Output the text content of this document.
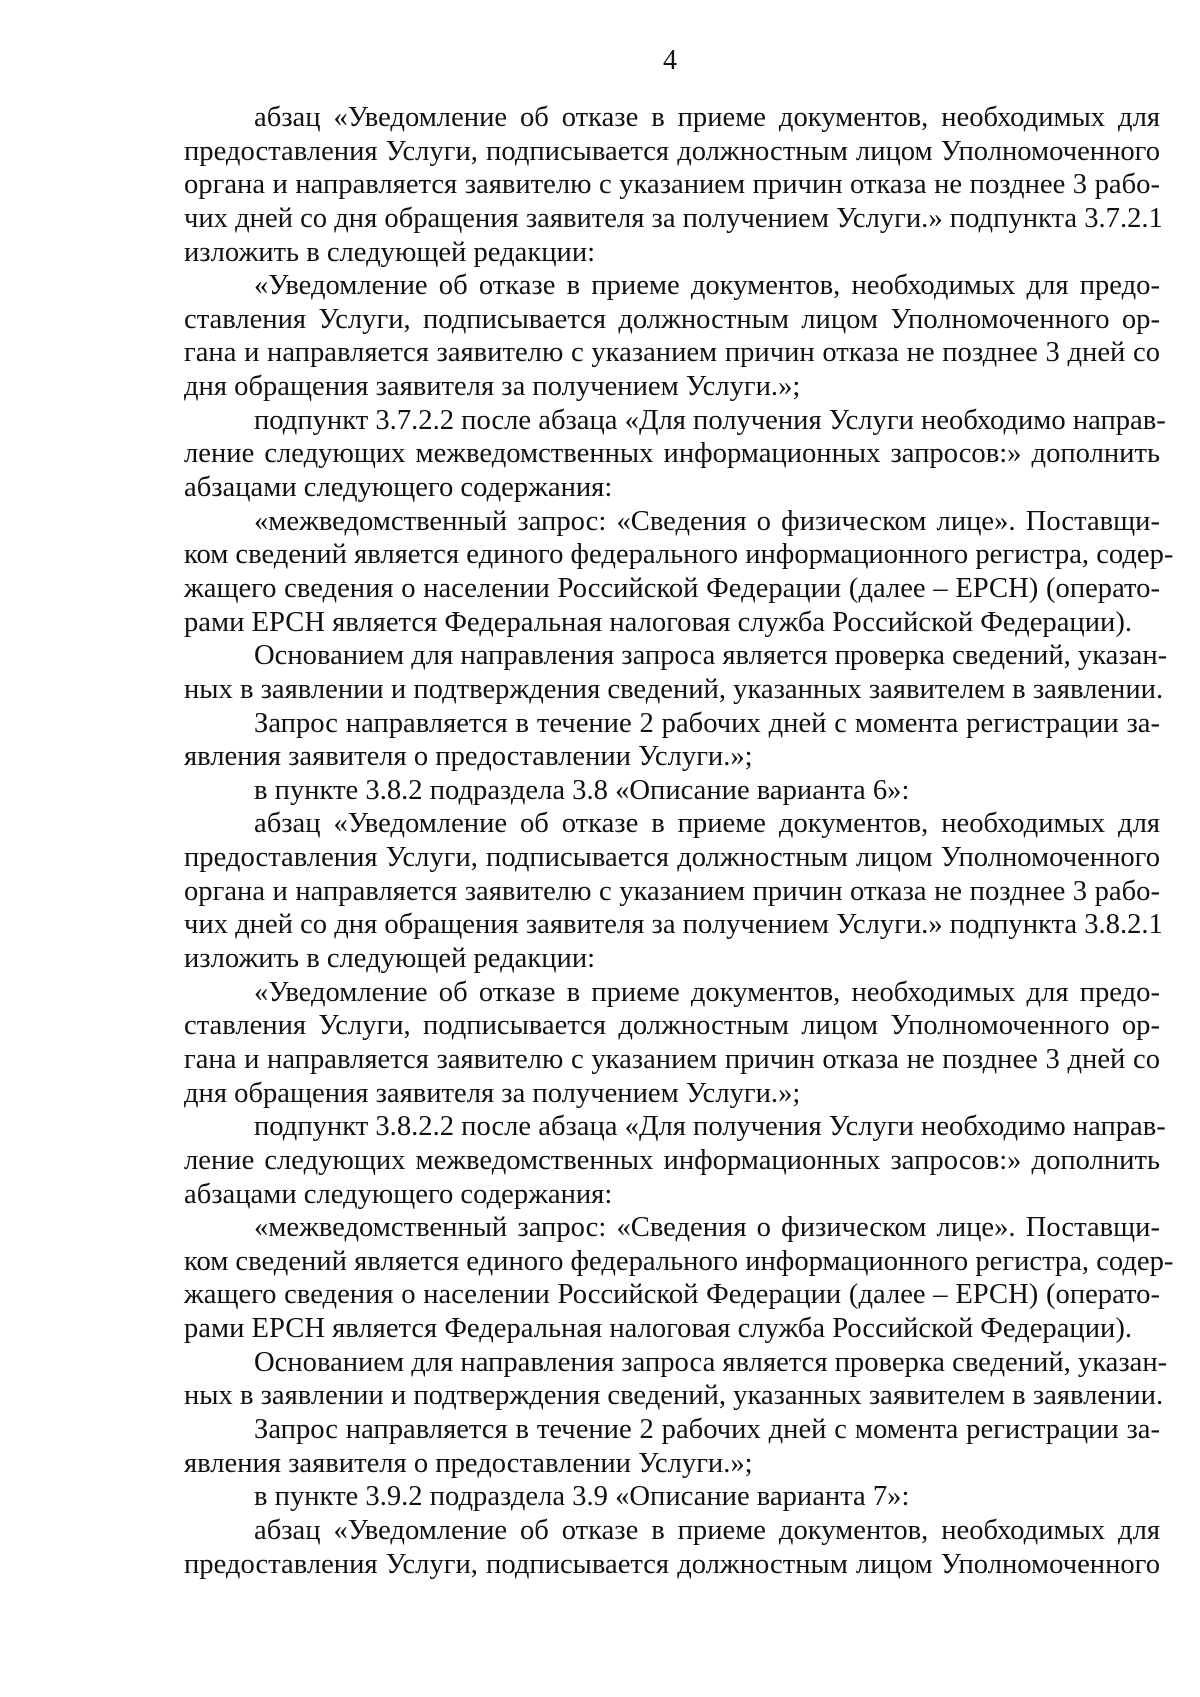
4
абзац «Уведомление об отказе в приеме документов, необходимых для
предоставления Услуги, подписывается должностным лицом Уполномоченного
органа и направляется заявителю с указанием причин отказа не позднее 3 рабо-
чих дней со дня обращения заявителя за получением Услуги.» подпункта 3.7.2.1
изложить в следующей редакции:
«Уведомление об отказе в приеме документов, необходимых для предо-
ставления Услуги, подписывается должностным лицом Уполномоченного ор-
гана и направляется заявителю с указанием причин отказа не позднее 3 дней со
дня обращения заявителя за получением Услуги.»;
подпункт 3.7.2.2 после абзаца «Для получения Услуги необходимо направ-
ление следующих межведомственных информационных запросов:» дополнить
абзацами следующего содержания:
«межведомственный запрос: «Сведения о физическом лице». Поставщи-
ком сведений является единого федерального информационного регистра, содер-
жащего сведения о населении Российской Федерации (далее – ЕРСН) (операто-
рами ЕРСН является Федеральная налоговая служба Российской Федерации).
Основанием для направления запроса является проверка сведений, указан-
ных в заявлении и подтверждения сведений, указанных заявителем в заявлении.
Запрос направляется в течение 2 рабочих дней с момента регистрации за-
явления заявителя о предоставлении Услуги.»;
в пункте 3.8.2 подраздела 3.8 «Описание варианта 6»:
абзац «Уведомление об отказе в приеме документов, необходимых для
предоставления Услуги, подписывается должностным лицом Уполномоченного
органа и направляется заявителю с указанием причин отказа не позднее 3 рабо-
чих дней со дня обращения заявителя за получением Услуги.» подпункта 3.8.2.1
изложить в следующей редакции:
«Уведомление об отказе в приеме документов, необходимых для предо-
ставления Услуги, подписывается должностным лицом Уполномоченного ор-
гана и направляется заявителю с указанием причин отказа не позднее 3 дней со
дня обращения заявителя за получением Услуги.»;
подпункт 3.8.2.2 после абзаца «Для получения Услуги необходимо направ-
ление следующих межведомственных информационных запросов:» дополнить
абзацами следующего содержания:
«межведомственный запрос: «Сведения о физическом лице». Поставщи-
ком сведений является единого федерального информационного регистра, содер-
жащего сведения о населении Российской Федерации (далее – ЕРСН) (операто-
рами ЕРСН является Федеральная налоговая служба Российской Федерации).
Основанием для направления запроса является проверка сведений, указан-
ных в заявлении и подтверждения сведений, указанных заявителем в заявлении.
Запрос направляется в течение 2 рабочих дней с момента регистрации за-
явления заявителя о предоставлении Услуги.»;
в пункте 3.9.2 подраздела 3.9 «Описание варианта 7»:
абзац «Уведомление об отказе в приеме документов, необходимых для
предоставления Услуги, подписывается должностным лицом Уполномоченного
